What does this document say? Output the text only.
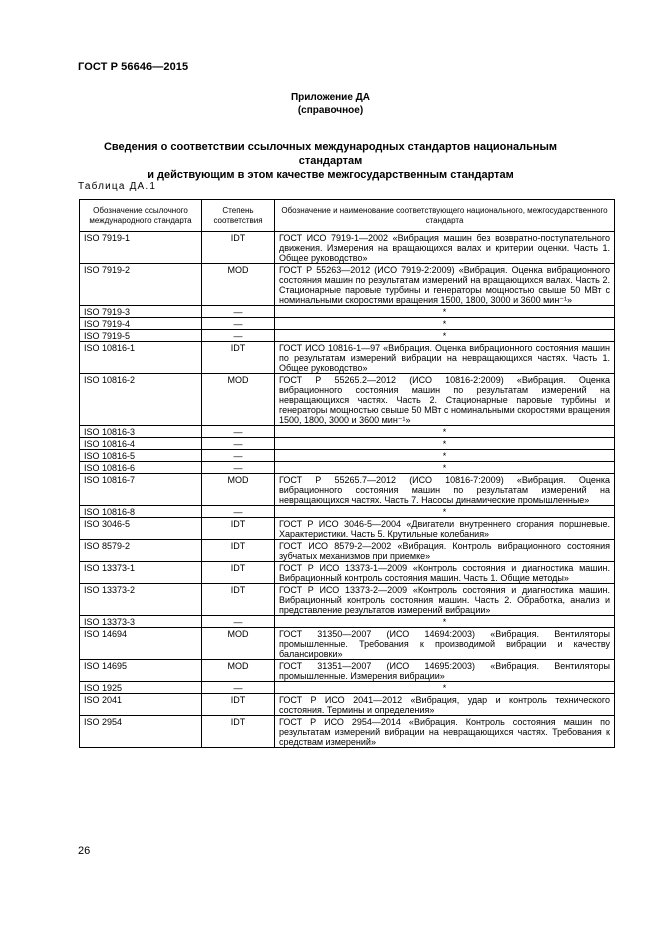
ГОСТ Р 56646—2015
Приложение ДА
(справочное)
Сведения о соответствии ссылочных международных стандартов национальным стандартам
и действующим в этом качестве межгосударственным стандартам
Таблица ДА.1
Обозначение ссылочного международного стандарта	Степень соответствия	Обозначение и наименование соответствующего национального, межгосударственного стандарта
ISO 7919-1	IDT	ГОСТ ИСО 7919-1—2002 «Вибрация машин без возвратно-поступательного движения. Измерения на вращающихся валах и критерии оценки. Часть 1. Общее руководство»
ISO 7919-2	MOD	ГОСТ Р 55263—2012 (ИСО 7919-2:2009) «Вибрация. Оценка вибрационного состояния машин по результатам измерений на вращающихся валах. Часть 2. Стационарные паровые турбины и генераторы мощностью свыше 50 МВт с номинальными скоростями вращения 1500, 1800, 3000 и 3600 мин⁻¹»
ISO 7919-3	—	*
ISO 7919-4	—	*
ISO 7919-5	—	*
ISO 10816-1	IDT	ГОСТ ИСО 10816-1—97 «Вибрация. Оценка вибрационного состояния машин по результатам измерений вибрации на невращающихся частях. Часть 1. Общее руководство»
ISO 10816-2	MOD	ГОСТ Р 55265.2—2012 (ИСО 10816-2:2009) «Вибрация. Оценка вибрационного состояния машин по результатам измерений на невращающихся частях. Часть 2. Стационарные паровые турбины и генераторы мощностью свыше 50 МВт с номинальными скоростями вращения 1500, 1800, 3000 и 3600 мин⁻¹»
ISO 10816-3	—	*
ISO 10816-4	—	*
ISO 10816-5	—	*
ISO 10816-6	—	*
ISO 10816-7	MOD	ГОСТ Р 55265.7—2012 (ИСО 10816-7:2009) «Вибрация. Оценка вибрационного состояния машин по результатам измерений на невращающихся частях. Часть 7. Насосы динамические промышленные»
ISO 10816-8	—	*
ISO 3046-5	IDT	ГОСТ Р ИСО 3046-5—2004 «Двигатели внутреннего сгорания поршневые. Характеристики. Часть 5. Крутильные колебания»
ISO 8579-2	IDT	ГОСТ ИСО 8579-2—2002 «Вибрация. Контроль вибрационного состояния зубчатых механизмов при приемке»
ISO 13373-1	IDT	ГОСТ Р ИСО 13373-1—2009 «Контроль состояния и диагностика машин. Вибрационный контроль состояния машин. Часть 1. Общие методы»
ISO 13373-2	IDT	ГОСТ Р ИСО 13373-2—2009 «Контроль состояния и диагностика машин. Вибрационный контроль состояния машин. Часть 2. Обработка, анализ и представление результатов измерений вибрации»
ISO 13373-3	—	*
ISO 14694	MOD	ГОСТ 31350—2007 (ИСО 14694:2003) «Вибрация. Вентиляторы промышленные. Требования к производимой вибрации и качеству балансировки»
ISO 14695	MOD	ГОСТ 31351—2007 (ИСО 14695:2003) «Вибрация. Вентиляторы промышленные. Измерения вибрации»
ISO 1925	—	*
ISO 2041	IDT	ГОСТ Р ИСО 2041—2012 «Вибрация, удар и контроль технического состояния. Термины и определения»
ISO 2954	IDT	ГОСТ Р ИСО 2954—2014 «Вибрация. Контроль состояния машин по результатам измерений вибрации на невращающихся частях. Требования к средствам измерений»
26
